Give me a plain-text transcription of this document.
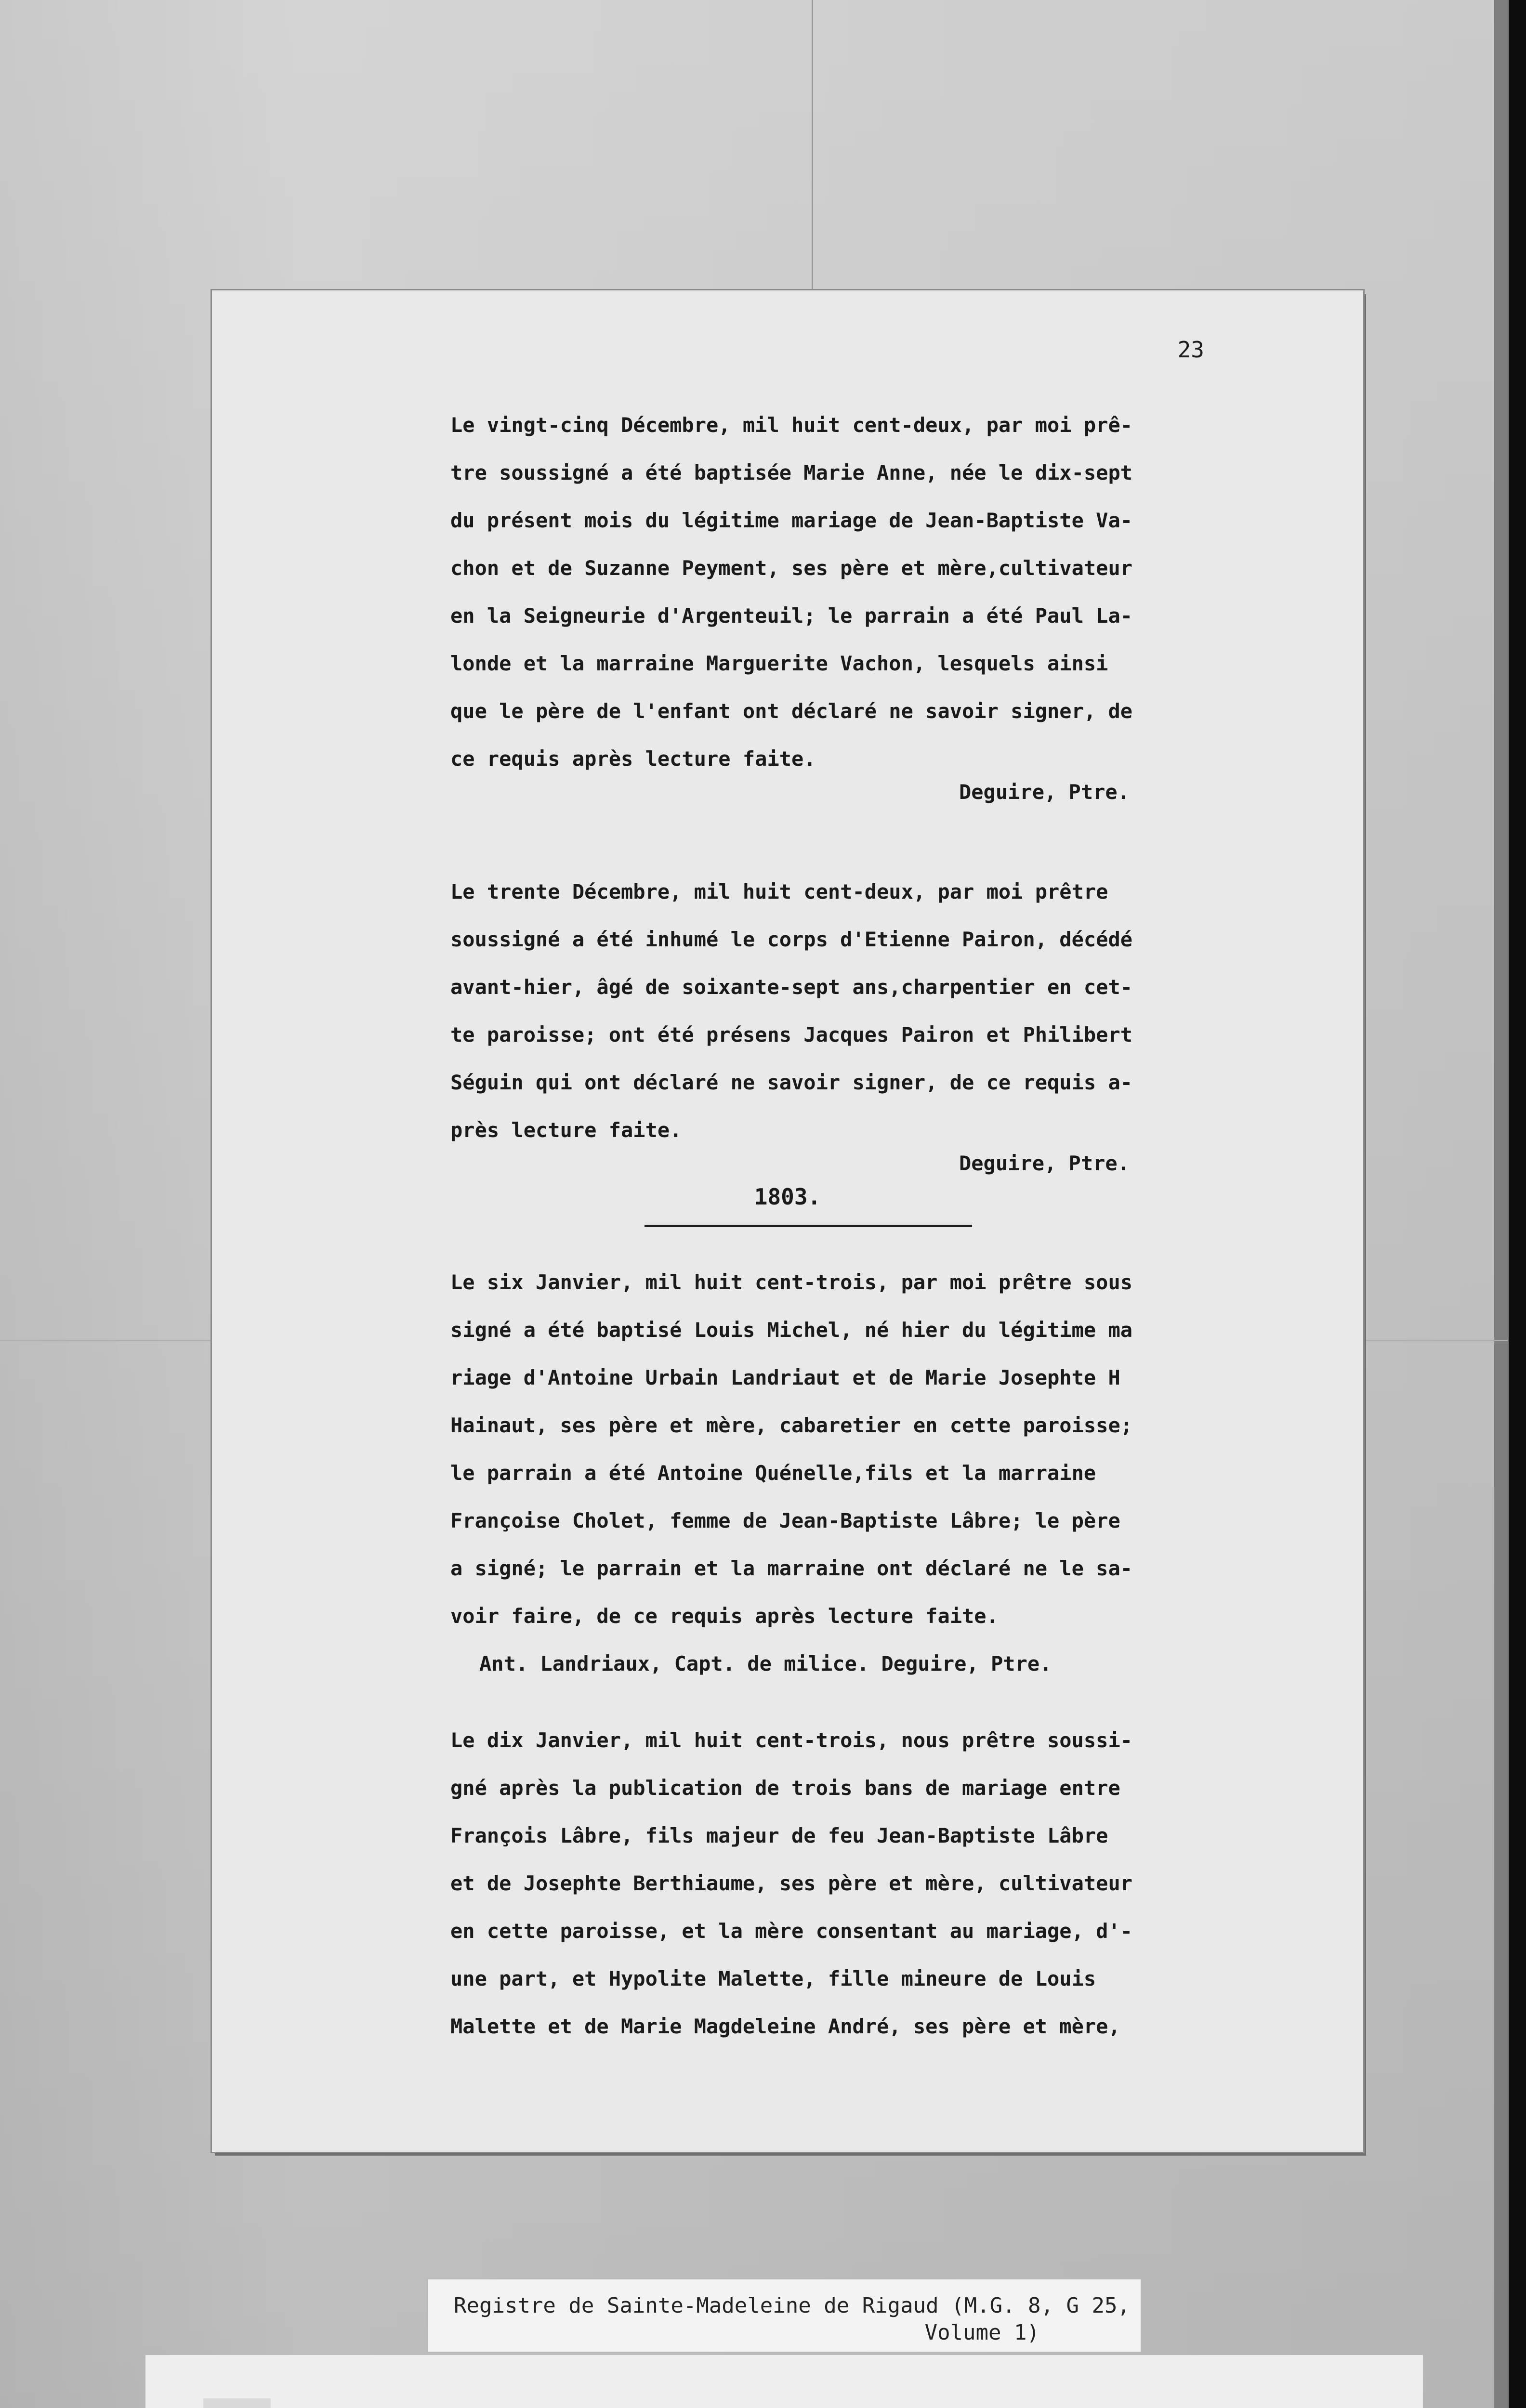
23
Le vingt-cinq Décembre, mil huit cent-deux, par moi prê-
tre soussigné a été baptisée Marie Anne, née le dix-sept
du présent mois du légitime mariage de Jean-Baptiste Va-
chon et de Suzanne Peyment, ses père et mère,cultivateur
en la Seigneurie d'Argenteuil; le parrain a été Paul La-
londe et la marraine Marguerite Vachon, lesquels ainsi
que le père de l'enfant ont déclaré ne savoir signer, de
ce requis après lecture faite.
Deguire, Ptre.
Le trente Décembre, mil huit cent-deux, par moi prêtre
soussigné a été inhumé le corps d'Etienne Pairon, décédé
avant-hier, âgé de soixante-sept ans,charpentier en cet-
te paroisse; ont été présens Jacques Pairon et Philibert
Séguin qui ont déclaré ne savoir signer, de ce requis a-
près lecture faite.
Deguire, Ptre.
1803.
Le six Janvier, mil huit cent-trois, par moi prêtre sous
signé a été baptisé Louis Michel, né hier du légitime ma
riage d'Antoine Urbain Landriaut et de Marie Josephte H
Hainaut, ses père et mère, cabaretier en cette paroisse;
le parrain a été Antoine Quénelle,fils et la marraine
Françoise Cholet, femme de Jean-Baptiste Lâbre; le père
a signé; le parrain et la marraine ont déclaré ne le sa-
voir faire, de ce requis après lecture faite.
Ant. Landriaux, Capt. de milice. Deguire, Ptre.
Le dix Janvier, mil huit cent-trois, nous prêtre soussi-
gné après la publication de trois bans de mariage entre
François Lâbre, fils majeur de feu Jean-Baptiste Lâbre
et de Josephte Berthiaume, ses père et mère, cultivateur
en cette paroisse, et la mère consentant au mariage, d'-
une part, et Hypolite Malette, fille mineure de Louis
Malette et de Marie Magdeleine André, ses père et mère,
Registre de Sainte-Madeleine de Rigaud (M.G. 8, G 25,
Volume 1)
